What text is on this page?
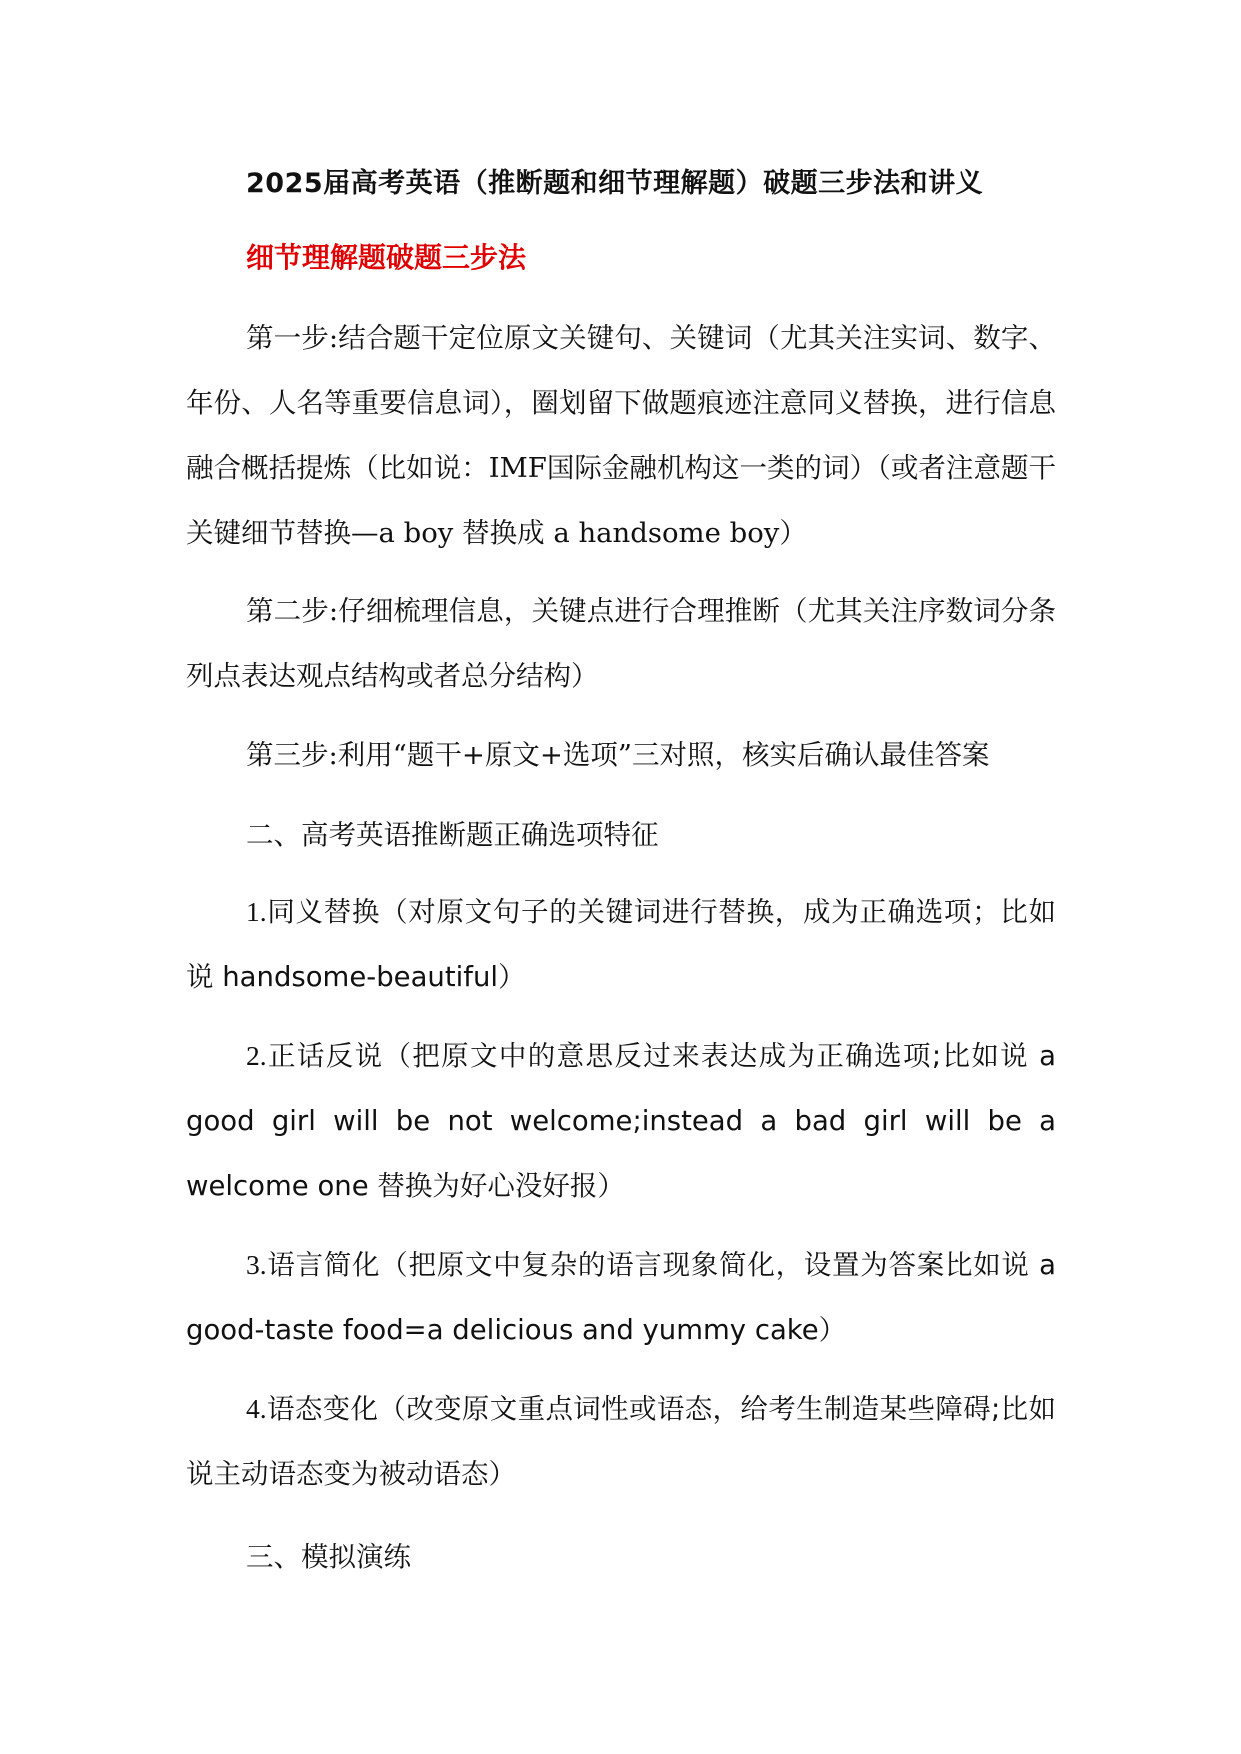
2025届高考英语（推断题和细节理解题）破题三步法和讲义
细节理解题破题三步法

第一步:结合题干定位原文关键句、关键词（尤其关注实词、数字、年份、人名等重要信息词），圈划留下做题痕迹注意同义替换，进行信息融合概括提炼（比如说：IMF国际金融机构这一类的词）（或者注意题干关键细节替换—a boy 替换成 a handsome boy）

第二步:仔细梳理信息，关键点进行合理推断（尤其关注序数词分条列点表达观点结构或者总分结构）

第三步:利用“题干+原文+选项”三对照，核实后确认最佳答案

二、高考英语推断题正确选项特征

1.同义替换（对原文句子的关键词进行替换，成为正确选项；比如说 handsome-beautiful）

2.正话反说（把原文中的意思反过来表达成为正确选项;比如说 a good girl will be not welcome;instead a bad girl will be a welcome one 替换为好心没好报）

3.语言简化（把原文中复杂的语言现象简化，设置为答案比如说 a good-taste food=a delicious and yummy cake）

4.语态变化（改变原文重点词性或语态，给考生制造某些障碍;比如说主动语态变为被动语态）

三、模拟演练
